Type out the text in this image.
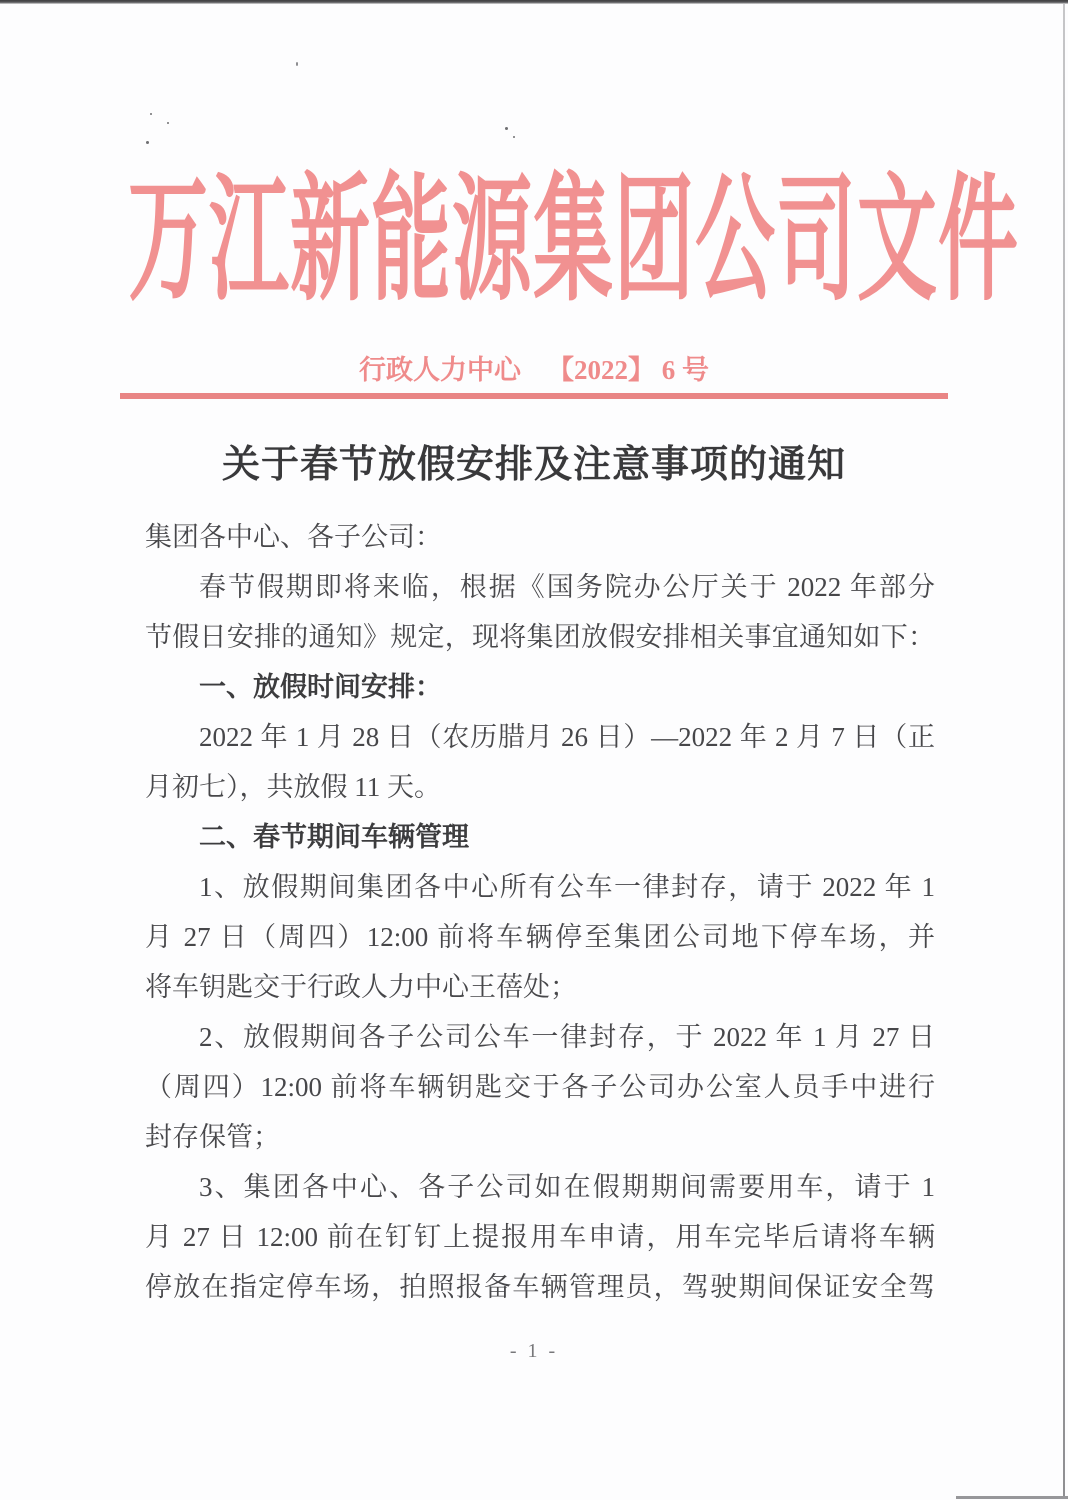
万江新能源集团公司文件
行政人力中心 【2022】 6 号
关于春节放假安排及注意事项的通知
集团各中心、各子公司：
春节假期即将来临，根据《国务院办公厅关于 2022 年部分
节假日安排的通知》规定，现将集团放假安排相关事宜通知如下：
一、放假时间安排：
2022 年 1 月 28 日（农历腊月 26 日）—2022 年 2 月 7 日（正
月初七），共放假 11 天。
二、春节期间车辆管理
1、放假期间集团各中心所有公车一律封存，请于 2022 年 1
月 27 日（周四）12:00 前将车辆停至集团公司地下停车场，并
将车钥匙交于行政人力中心王蓓处；
2、放假期间各子公司公车一律封存，于 2022 年 1 月 27 日
（周四）12:00 前将车辆钥匙交于各子公司办公室人员手中进行
封存保管；
3、集团各中心、各子公司如在假期期间需要用车，请于 1
月 27 日 12:00 前在钉钉上提报用车申请，用车完毕后请将车辆
停放在指定停车场，拍照报备车辆管理员，驾驶期间保证安全驾
- 1 -
